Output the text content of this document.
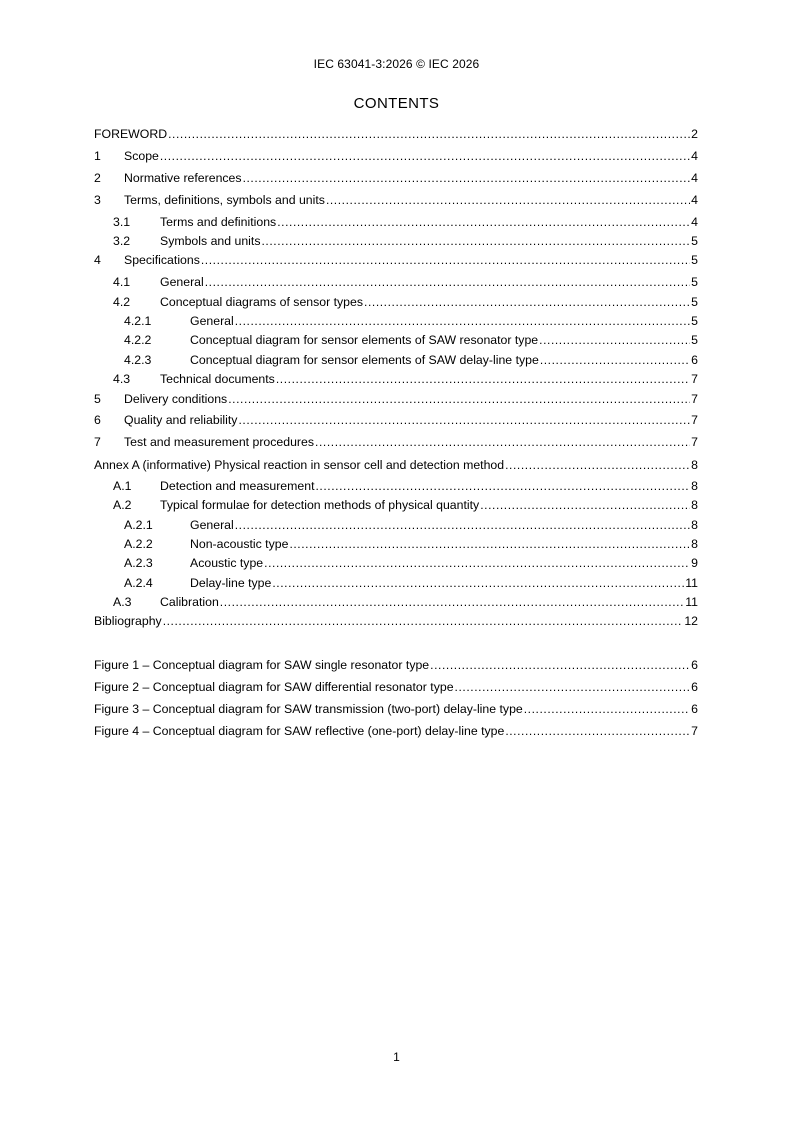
IEC 63041-3:2026 © IEC 2026
CONTENTS
FOREWORD .....	2
1	Scope .....	4
2	Normative references .....	4
3	Terms, definitions, symbols and units .....	4
3.1	Terms and definitions .....	4
3.2	Symbols and units .....	5
4	Specifications .....	5
4.1	General .....	5
4.2	Conceptual diagrams of sensor types .....	5
4.2.1	General .....	5
4.2.2	Conceptual diagram for sensor elements of SAW resonator type .....	5
4.2.3	Conceptual diagram for sensor elements of SAW delay-line type .....	6
4.3	Technical documents .....	7
5	Delivery conditions .....	7
6	Quality and reliability .....	7
7	Test and measurement procedures .....	7
Annex A (informative) Physical reaction in sensor cell and detection method .....	8
A.1	Detection and measurement .....	8
A.2	Typical formulae for detection methods of physical quantity .....	8
A.2.1	General .....	8
A.2.2	Non-acoustic type .....	8
A.2.3	Acoustic type .....	9
A.2.4	Delay-line type .....	11
A.3	Calibration .....	11
Bibliography .....	12
Figure 1 – Conceptual diagram for SAW single resonator type .....	6
Figure 2 – Conceptual diagram for SAW differential resonator type .....	6
Figure 3 – Conceptual diagram for SAW transmission (two-port) delay-line type .....	6
Figure 4 – Conceptual diagram for SAW reflective (one-port) delay-line type .....	7
1
